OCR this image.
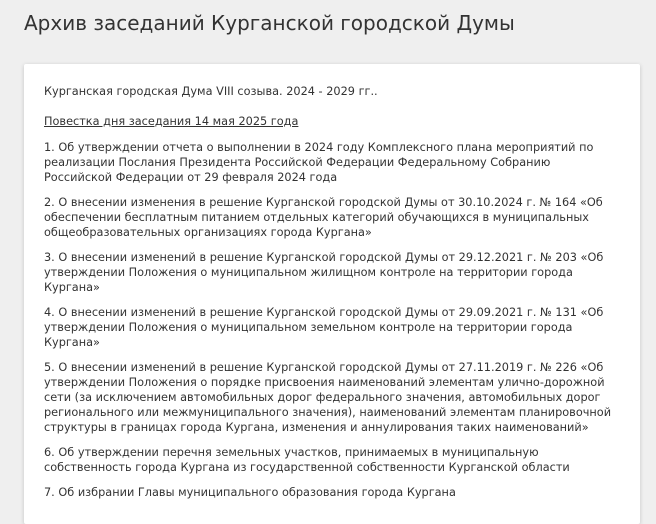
Архив заседаний Курганской городской Думы

Курганская городская Дума VIII созыва. 2024 - 2029 гг..

Повестка дня заседания 14 мая 2025 года
1. Об утверждении отчета о выполнении в 2024 году Комплексного плана мероприятий по реализации Послания Президента Российской Федерации Федеральному Собранию Российской Федерации от 29 февраля 2024 года
2. О внесении изменения в решение Курганской городской Думы от 30.10.2024 г. № 164 «Об обеспечении бесплатным питанием отдельных категорий обучающихся в муниципальных общеобразовательных организациях города Кургана»
3. О внесении изменений в решение Курганской городской Думы от 29.12.2021 г. № 203 «Об утверждении Положения о муниципальном жилищном контроле на территории города Кургана»
4. О внесении изменений в решение Курганской городской Думы от 29.09.2021 г. № 131 «Об утверждении Положения о муниципальном земельном контроле на территории города Кургана»
5. О внесении изменений в решение Курганской городской Думы от 27.11.2019 г. № 226 «Об утверждении Положения о порядке присвоения наименований элементам улично-дорожной сети (за исключением автомобильных дорог федерального значения, автомобильных дорог регионального или межмуниципального значения), наименований элементам планировочной структуры в границах города Кургана, изменения и аннулирования таких наименований»
6. Об утверждении перечня земельных участков, принимаемых в муниципальную собственность города Кургана из государственной собственности Курганской области
7. Об избрании Главы муниципального образования города Кургана
